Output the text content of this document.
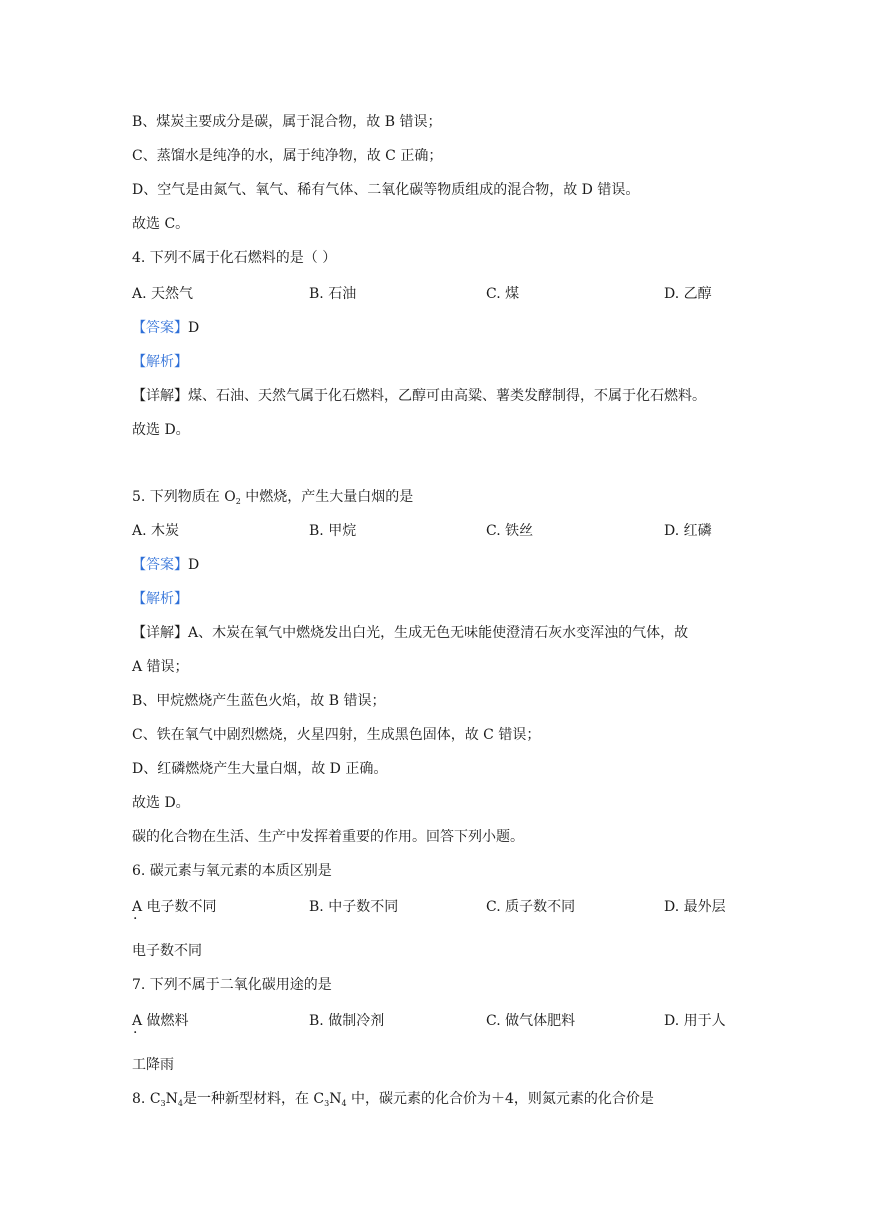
B、煤炭主要成分是碳，属于混合物，故 B 错误；
C、蒸馏水是纯净的水，属于纯净物，故 C 正确；
D、空气是由氮气、氧气、稀有气体、二氧化碳等物质组成的混合物，故 D 错误。
故选 C。
4. 下列不属于化石燃料的是（ ）
A. 天然气	B. 石油	C. 煤	D. 乙醇
【答案】D
【解析】
【详解】煤、石油、天然气属于化石燃料，乙醇可由高粱、薯类发酵制得，不属于化石燃料。
故选 D。
5. 下列物质在 $O_2$ 中燃烧，产生大量白烟的是
A. 木炭	B. 甲烷	C. 铁丝	D. 红磷
【答案】D
【解析】
【详解】A、木炭在氧气中燃烧发出白光，生成无色无味能使澄清石灰水变浑浊的气体，故
A 错误；
B、甲烷燃烧产生蓝色火焰，故 B 错误；
C、铁在氧气中剧烈燃烧，火星四射，生成黑色固体，故 C 错误；
D、红磷燃烧产生大量白烟，故 D 正确。
故选 D。
碳的化合物在生活、生产中发挥着重要的作用。回答下列小题。
6. 碳元素与氧元素的本质区别是
A 电子数不同
·
B. 中子数不同	C. 质子数不同	D. 最外层
电子数不同
7. 下列不属于二氧化碳用途的是
A 做燃料
·
B. 做制冷剂	C. 做气体肥料	D. 用于人
工降雨
8. $C_3N_4$是一种新型材料，在 $C_3N_4$ 中，碳元素的化合价为＋4，则氮元素的化合价是
